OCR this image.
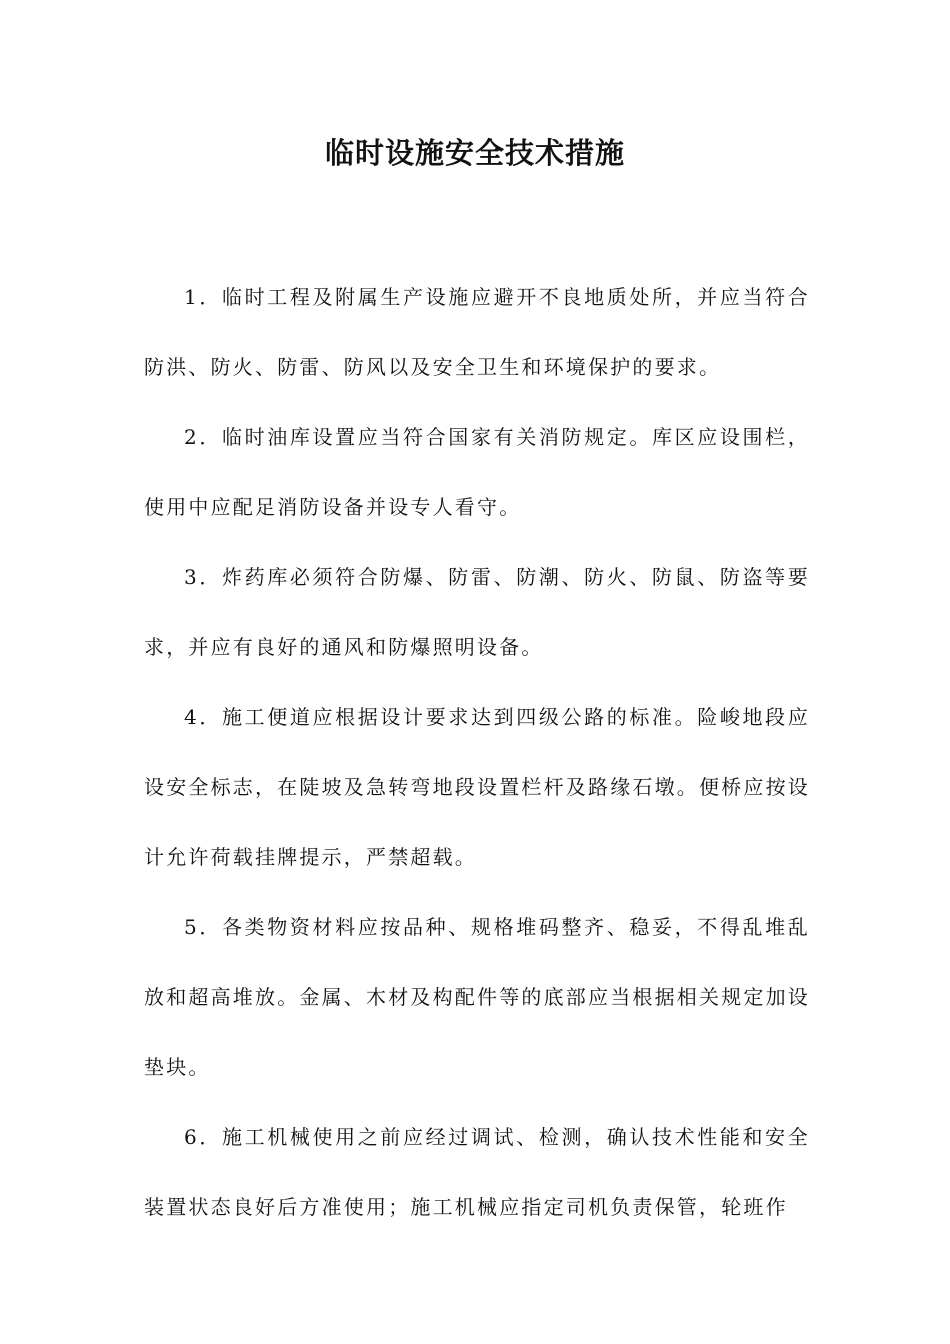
临时设施安全技术措施

1．临时工程及附属生产设施应避开不良地质处所，并应当符合防洪、防火、防雷、防风以及安全卫生和环境保护的要求。

2．临时油库设置应当符合国家有关消防规定。库区应设围栏，使用中应配足消防设备并设专人看守。

3．炸药库必须符合防爆、防雷、防潮、防火、防鼠、防盗等要求，并应有良好的通风和防爆照明设备。

4．施工便道应根据设计要求达到四级公路的标准。险峻地段应设安全标志，在陡坡及急转弯地段设置栏杆及路缘石墩。便桥应按设计允许荷载挂牌提示，严禁超载。

5．各类物资材料应按品种、规格堆码整齐、稳妥，不得乱堆乱放和超高堆放。金属、木材及构配件等的底部应当根据相关规定加设垫块。

6．施工机械使用之前应经过调试、检测，确认技术性能和安全装置状态良好后方准使用；施工机械应指定司机负责保管，轮班作
